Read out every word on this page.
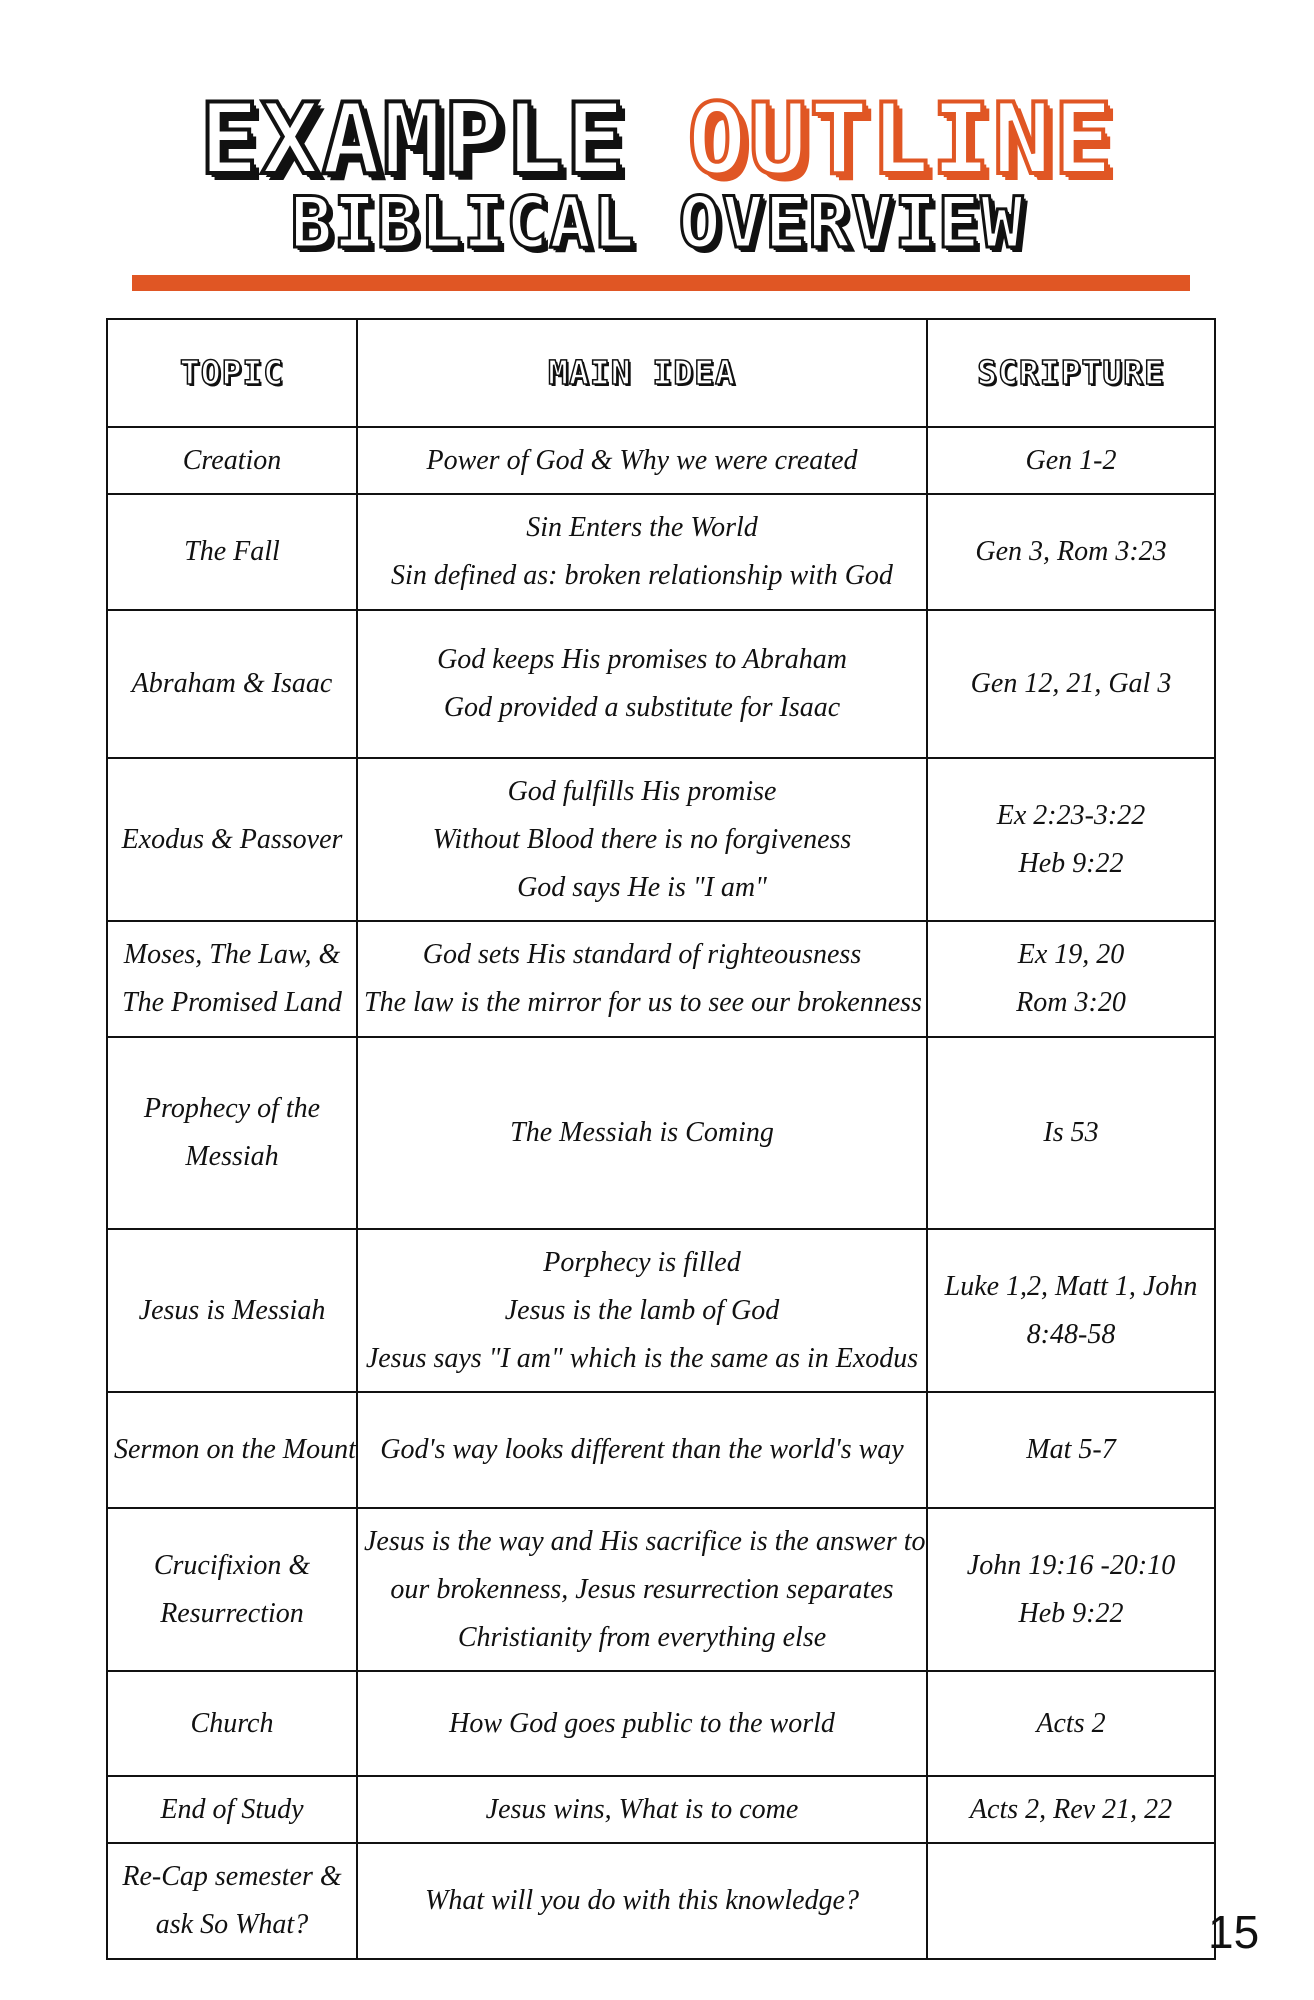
EXAMPLE OUTLINE
BIBLICAL OVERVIEW
TOPIC	MAIN IDEA	SCRIPTURE

Creation	Power of God & Why we were created	Gen 1-2

The Fall	Sin Enters the World
Sin defined as: broken relationship with God	Gen 3, Rom 3:23

Abraham & Isaac	God keeps His promises to Abraham
God provided a substitute for Isaac	Gen 12, 21, Gal 3

Exodus & Passover	God fulfills His promise
Without Blood there is no forgiveness
God says He is "I am"	Ex 2:23-3:22
Heb 9:22

Moses, The Law, &
The Promised Land	God sets His standard of righteousness
The law is the mirror for us to see our brokenness	Ex 19, 20
Rom 3:20

Prophecy of the
Messiah	The Messiah is Coming	Is 53

Jesus is Messiah	Porphecy is filled
Jesus is the lamb of God
Jesus says "I am" which is the same as in Exodus	Luke 1,2, Matt 1, John
8:48-58

Sermon on the Mount	God's way looks different than the world's way	Mat 5-7

Crucifixion &
Resurrection	Jesus is the way and His sacrifice is the answer to
our brokenness, Jesus resurrection separates
Christianity from everything else	John 19:16 -20:10
Heb 9:22

Church	How God goes public to the world	Acts 2

End of Study	Jesus wins, What is to come	Acts 2, Rev 21, 22

Re-Cap semester &
ask So What?	What will you do with this knowledge?	

15
